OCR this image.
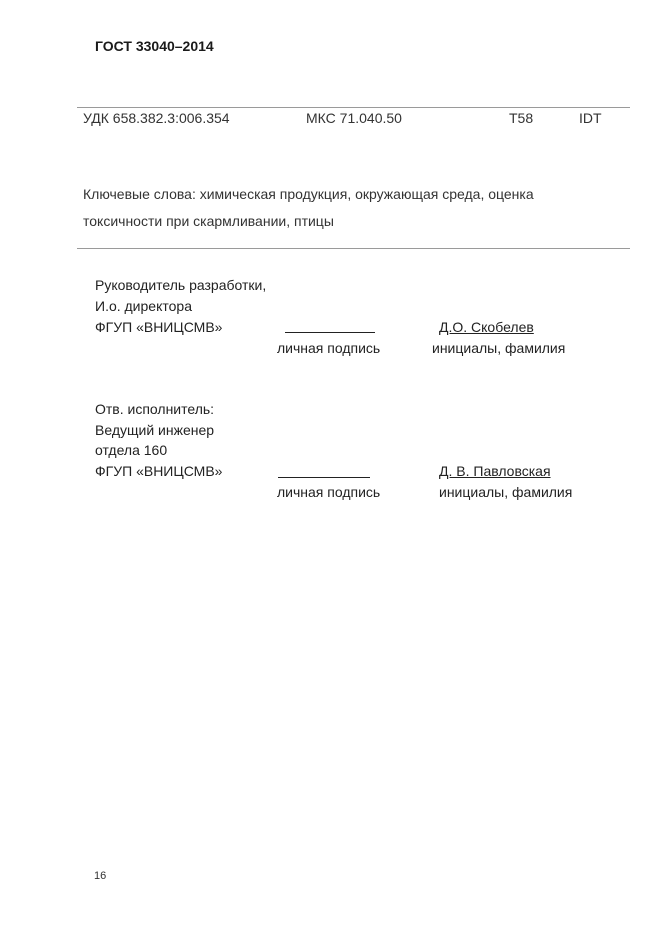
ГОСТ 33040–2014
УДК 658.382.3:006.354	МКС 71.040.50	Т58	IDT
Ключевые слова: химическая продукция, окружающая среда, оценка
токсичности при скармливании, птицы
Руководитель разработки,
И.о. директора
ФГУП «ВНИЦСМВ»	Д.О. Скобелев
личная подпись	инициалы, фамилия
Отв. исполнитель:
Ведущий инженер
отдела 160
ФГУП «ВНИЦСМВ»	Д. В. Павловская
личная подпись	инициалы, фамилия
16
